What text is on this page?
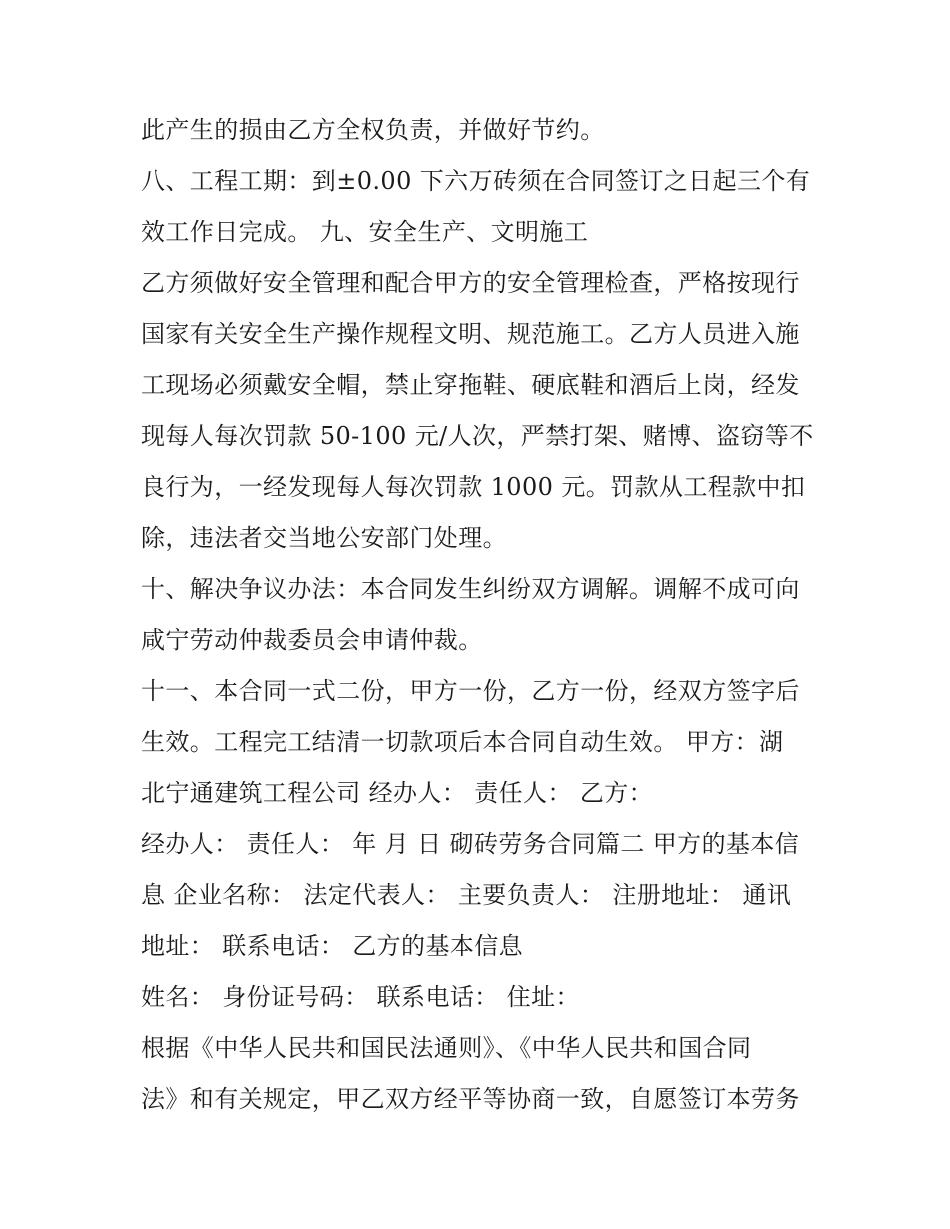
此产生的损由乙方全权负责，并做好节约。
八、工程工期：到±0.00 下六万砖须在合同签订之日起三个有
效工作日完成。 九、安全生产、文明施工
乙方须做好安全管理和配合甲方的安全管理检查，严格按现行
国家有关安全生产操作规程文明、规范施工。乙方人员进入施
工现场必须戴安全帽，禁止穿拖鞋、硬底鞋和酒后上岗，经发
现每人每次罚款 50-100 元/人次，严禁打架、赌博、盗窃等不
良行为，一经发现每人每次罚款 1000 元。罚款从工程款中扣
除，违法者交当地公安部门处理。
十、解决争议办法：本合同发生纠纷双方调解。调解不成可向
咸宁劳动仲裁委员会申请仲裁。
十一、本合同一式二份，甲方一份，乙方一份，经双方签字后
生效。工程完工结清一切款项后本合同自动生效。 甲方：湖
北宁通建筑工程公司 经办人： 责任人： 乙方：
经办人： 责任人： 年 月 日 砌砖劳务合同篇二 甲方的基本信
息 企业名称： 法定代表人： 主要负责人： 注册地址： 通讯
地址： 联系电话： 乙方的基本信息
姓名： 身份证号码： 联系电话： 住址：
根据《中华人民共和国民法通则》、《中华人民共和国合同
法》和有关规定，甲乙双方经平等协商一致，自愿签订本劳务
